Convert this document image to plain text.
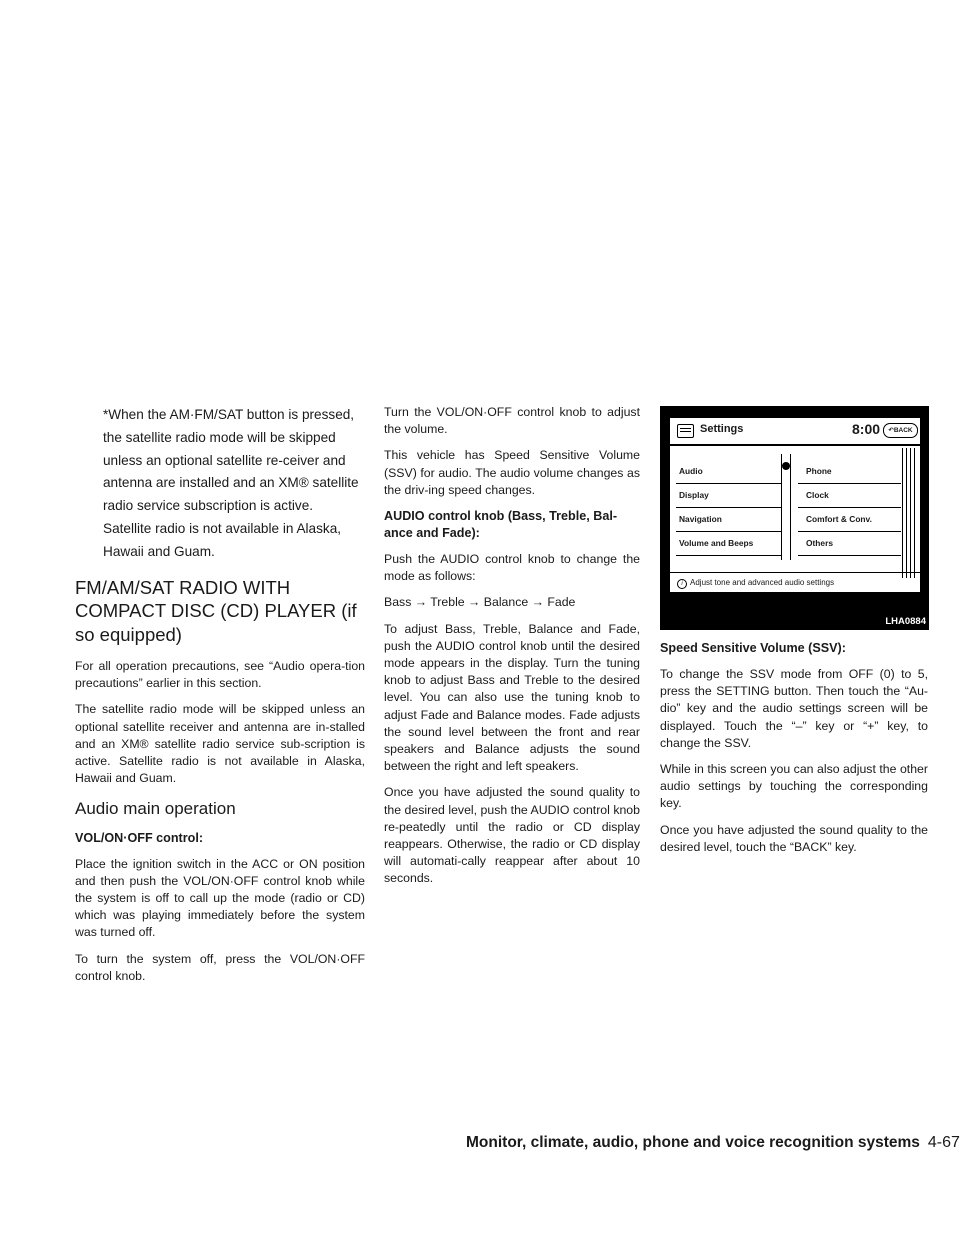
*When the AM·FM/SAT button is pressed, the satellite radio mode will be skipped unless an optional satellite re-ceiver and antenna are installed and an XM® satellite radio service subscription is active. Satellite radio is not available in Alaska, Hawaii and Guam.
FM/AM/SAT RADIO WITH COMPACT DISC (CD) PLAYER (if so equipped)

For all operation precautions, see “Audio opera-tion precautions” earlier in this section.

The satellite radio mode will be skipped unless an optional satellite receiver and antenna are in-stalled and an XM® satellite radio service sub-scription is active. Satellite radio is not available in Alaska, Hawaii and Guam.

Audio main operation
VOL/ON·OFF control:

Place the ignition switch in the ACC or ON position and then push the VOL/ON·OFF control knob while the system is off to call up the mode (radio or CD) which was playing immediately before the system was turned off.

To turn the system off, press the VOL/ON·OFF control knob.

Turn the VOL/ON·OFF control knob to adjust the volume.

This vehicle has Speed Sensitive Volume (SSV) for audio. The audio volume changes as the driv-ing speed changes.

AUDIO control knob (Bass, Treble, Bal-ance and Fade):

Push the AUDIO control knob to change the mode as follows:

Bass → Treble → Balance → Fade

To adjust Bass, Treble, Balance and Fade, push the AUDIO control knob until the desired mode appears in the display. Turn the tuning knob to adjust Bass and Treble to the desired level. You can also use the tuning knob to adjust Fade and Balance modes. Fade adjusts the sound level between the front and rear speakers and Balance adjusts the sound between the right and left speakers.

Once you have adjusted the sound quality to the desired level, push the AUDIO control knob re-peatedly until the radio or CD display reappears. Otherwise, the radio or CD display will automati-cally reappear after about 10 seconds.

Settings	8:00	↶BACK
Audio
Display
Navigation
Volume and Beeps
Phone
Clock
Comfort & Conv.
Others
i Adjust tone and advanced audio settings
LHA0884
Speed Sensitive Volume (SSV):

To change the SSV mode from OFF (0) to 5, press the SETTING button. Then touch the “Au-dio” key and the audio settings screen will be displayed. Touch the “–” key or “+” key, to change the SSV.

While in this screen you can also adjust the other audio settings by touching the corresponding key.

Once you have adjusted the sound quality to the desired level, touch the “BACK” key.

Monitor, climate, audio, phone and voice recognition systems 4-67
